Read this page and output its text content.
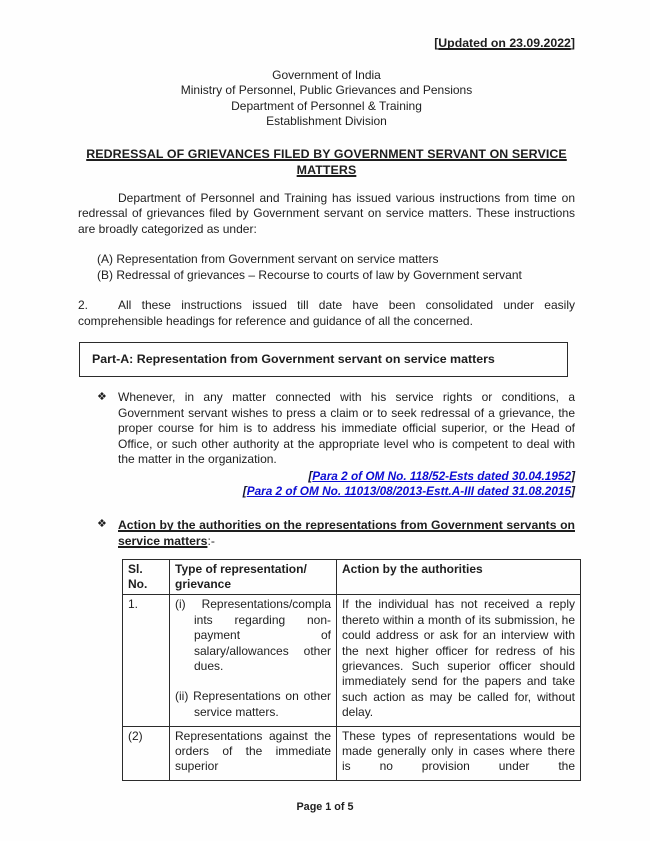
[Updated on 23.09.2022]
Government of India
Ministry of Personnel, Public Grievances and Pensions
Department of Personnel & Training
Establishment Division
REDRESSAL OF GRIEVANCES FILED BY GOVERNMENT SERVANT ON SERVICE MATTERS
Department of Personnel and Training has issued various instructions from time on redressal of grievances filed by Government servant on service matters. These instructions are broadly categorized as under:
(A) Representation from Government servant on service matters
(B) Redressal of grievances – Recourse to courts of law by Government servant
2. All these instructions issued till date have been consolidated under easily comprehensible headings for reference and guidance of all the concerned.
Part-A: Representation from Government servant on service matters
❖ Whenever, in any matter connected with his service rights or conditions, a Government servant wishes to press a claim or to seek redressal of a grievance, the proper course for him is to address his immediate official superior, or the Head of Office, or such other authority at the appropriate level who is competent to deal with the matter in the organization.
[Para 2 of OM No. 118/52-Ests dated 30.04.1952]
[Para 2 of OM No. 11013/08/2013-Estt.A-III dated 31.08.2015]
❖ Action by the authorities on the representations from Government servants on service matters:-
Sl. No.	Type of representation/ grievance	Action by the authorities
1.	(i) Representations/compla ints regarding non-payment of salary/allowances other dues.
(ii) Representations on other service matters.	If the individual has not received a reply thereto within a month of its submission, he could address or ask for an interview with the next higher officer for redress of his grievances. Such superior officer should immediately send for the papers and take such action as may be called for, without delay.
(2)	Representations against the orders of the immediate superior	These types of representations would be made generally only in cases where there is no provision under the
Page 1 of 5
